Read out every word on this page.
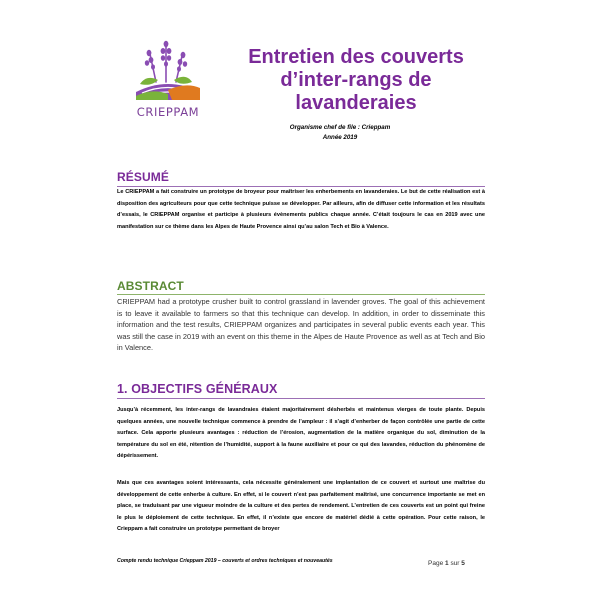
CRIEPPAM
Entretien des couverts
d’inter-rangs de lavanderaies
Organisme chef de file : Crieppam
Année 2019
RÉSUMÉ
Le CRIEPPAM a fait construire un prototype de broyeur pour maîtriser les enherbements en lavanderaies. Le but de cette réalisation est à disposition des agriculteurs pour que cette technique puisse se développer. Par ailleurs, afin de diffuser cette information et les résultats d’essais, le CRIEPPAM organise et participe à plusieurs évènements publics chaque année. C’était toujours le cas en 2019 avec une manifestation sur ce thème dans les Alpes de Haute Provence ainsi qu’au salon Tech et Bio à Valence.
ABSTRACT
CRIEPPAM had a prototype crusher built to control grassland in lavender groves. The goal of this achievement is to leave it available to farmers so that this technique can develop. In addition, in order to disseminate this information and the test results, CRIEPPAM organizes and participates in several public events each year. This was still the case in 2019 with an event on this theme in the Alpes de Haute Provence as well as at Tech and Bio in Valence.
1. OBJECTIFS GÉNÉRAUX
Jusqu’à récemment, les inter-rangs de lavandraies étaient majoritairement désherbés et maintenus vierges de toute plante. Depuis quelques années, une nouvelle technique commence à prendre de l’ampleur : il s’agit d’enherber de façon contrôlée une partie de cette surface. Cela apporte plusieurs avantages : réduction de l’érosion, augmentation de la matière organique du sol, diminution de la température du sol en été, rétention de l’humidité, support à la faune auxiliaire et pour ce qui des lavandes, réduction du phénomène de dépérissement.
Mais que ces avantages soient intéressants, cela nécessite généralement une implantation de ce couvert et surtout une maîtrise du développement de cette enherbe à culture. En effet, si le couvert n’est pas parfaitement maîtrisé, une concurrence importante se met en place, se traduisant par une vigueur moindre de la culture et des pertes de rendement. L’entretien de ces couverts est un point qui freine le plus le déploiement de cette technique. En effet, il n’existe que encore de matériel dédié à cette opération. Pour cette raison, le Crieppam a fait construire un prototype permettant de broyer
Compte rendu technique Crieppam 2019 – couverts et ordres techniques et nouveautés	Page 1 sur 5
